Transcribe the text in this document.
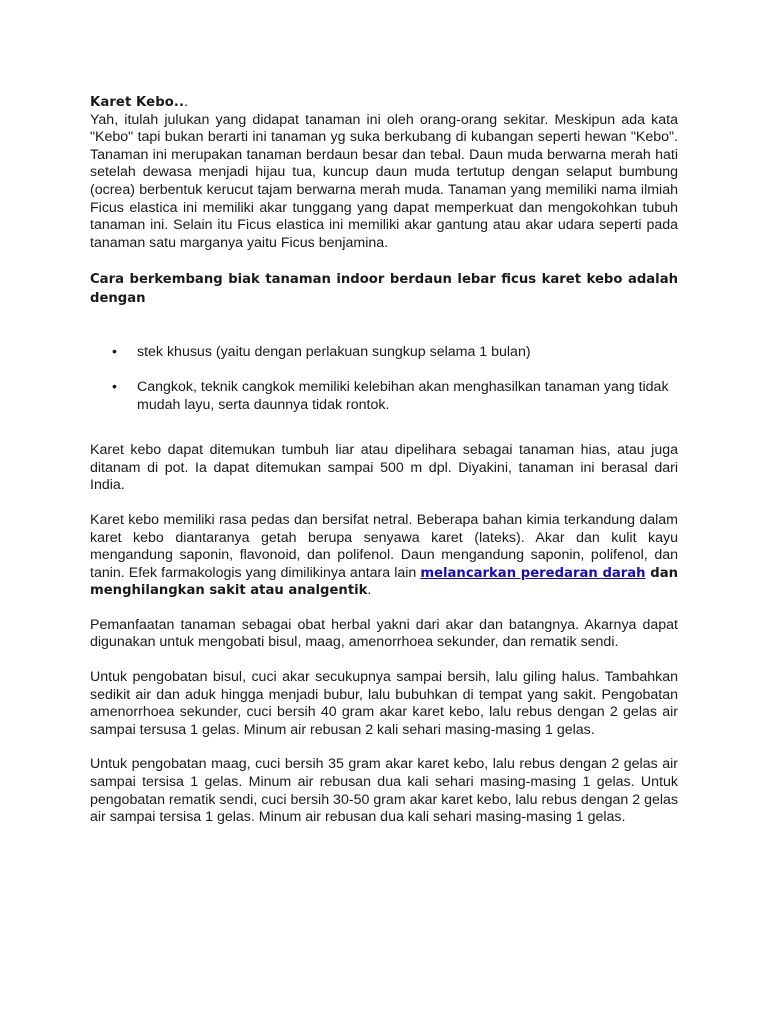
Karet Kebo...

Yah, itulah julukan yang didapat tanaman ini oleh orang-orang sekitar. Meskipun ada kata "Kebo" tapi bukan berarti ini tanaman yg suka berkubang di kubangan seperti hewan "Kebo". Tanaman ini merupakan tanaman berdaun besar dan tebal. Daun muda berwarna merah hati setelah dewasa menjadi hijau tua, kuncup daun muda tertutup dengan selaput bumbung (ocrea) berbentuk kerucut tajam berwarna merah muda. Tanaman yang memiliki nama ilmiah Ficus elastica ini memiliki akar tunggang yang dapat memperkuat dan mengokohkan tubuh tanaman ini. Selain itu Ficus elastica ini memiliki akar gantung atau akar udara seperti pada tanaman satu marganya yaitu Ficus benjamina.

Cara berkembang biak tanaman indoor berdaun lebar ficus karet kebo adalah dengan

• stek khusus (yaitu dengan perlakuan sungkup selama 1 bulan)
• Cangkok, teknik cangkok memiliki kelebihan akan menghasilkan tanaman yang tidak mudah layu, serta daunnya tidak rontok.

Karet kebo dapat ditemukan tumbuh liar atau dipelihara sebagai tanaman hias, atau juga ditanam di pot. Ia dapat ditemukan sampai 500 m dpl. Diyakini, tanaman ini berasal dari India.

Karet kebo memiliki rasa pedas dan bersifat netral. Beberapa bahan kimia terkandung dalam karet kebo diantaranya getah berupa senyawa karet (lateks). Akar dan kulit kayu mengandung saponin, flavonoid, dan polifenol. Daun mengandung saponin, polifenol, dan tanin. Efek farmakologis yang dimilikinya antara lain melancarkan peredaran darah dan menghilangkan sakit atau analgentik.

Pemanfaatan tanaman sebagai obat herbal yakni dari akar dan batangnya. Akarnya dapat digunakan untuk mengobati bisul, maag, amenorrhoea sekunder, dan rematik sendi.

Untuk pengobatan bisul, cuci akar secukupnya sampai bersih, lalu giling halus. Tambahkan sedikit air dan aduk hingga menjadi bubur, lalu bubuhkan di tempat yang sakit. Pengobatan amenorrhoea sekunder, cuci bersih 40 gram akar karet kebo, lalu rebus dengan 2 gelas air sampai tersusa 1 gelas. Minum air rebusan 2 kali sehari masing-masing 1 gelas.

Untuk pengobatan maag, cuci bersih 35 gram akar karet kebo, lalu rebus dengan 2 gelas air sampai tersisa 1 gelas. Minum air rebusan dua kali sehari masing-masing 1 gelas. Untuk pengobatan rematik sendi, cuci bersih 30-50 gram akar karet kebo, lalu rebus dengan 2 gelas air sampai tersisa 1 gelas. Minum air rebusan dua kali sehari masing-masing 1 gelas.
